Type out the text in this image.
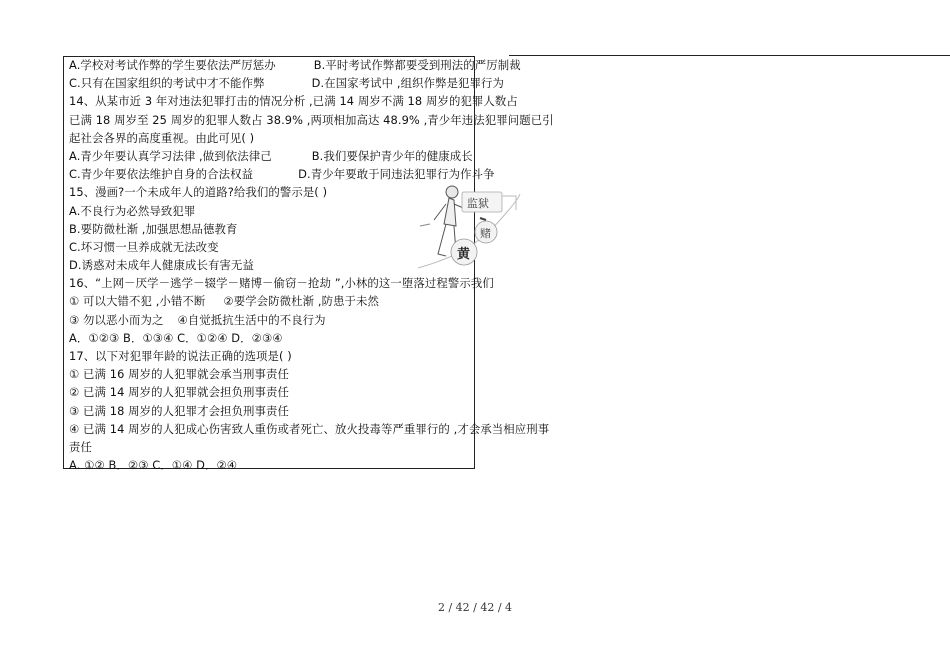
A.学校对考试作弊的学生要依法严厉惩办	B.平时考试作弊都要受到刑法的严厉制裁
C.只有在国家组织的考试中才不能作弊	D.在国家考试中 ,组织作弊是犯罪行为
14、从某市近 3 年对违法犯罪打击的情况分析 ,已满 14 周岁不满 18 周岁的犯罪人数占
已满 18 周岁至 25 周岁的犯罪人数占 38.9% ,两项相加高达 48.9% ,青少年违法犯罪问题已引
起社会各界的高度重视。由此可见( )
A.青少年要认真学习法律 ,做到依法律己	B.我们要保护青少年的健康成长
C.青少年要依法维护自身的合法权益	D.青少年要敢于同违法犯罪行为作斗争
15、漫画?一个未成年人的道路?给我们的警示是( )
A.不良行为必然导致犯罪
B.要防微杜渐 ,加强思想品德教育
C.坏习惯一旦养成就无法改变
D.诱惑对未成年人健康成长有害无益
16、“上网－厌学－逃学－辍学－赌博－偷窃－抢劫 ”,小林的这一堕落过程警示我们
① 可以大错不犯 ,小错不断 ②要学会防微杜渐 ,防患于未然
③ 勿以恶小而为之 ④自觉抵抗生活中的不良行为
A．①②③ B．①③④ C．①②④ D．②③④
17、以下对犯罪年龄的说法正确的选项是( )
① 已满 16 周岁的人犯罪就会承当刑事责任
② 已满 14 周岁的人犯罪就会担负刑事责任
③ 已满 18 周岁的人犯罪才会担负刑事责任
④ 已满 14 周岁的人犯成心伤害致人重伤或者死亡、放火投毒等严重罪行的 ,才会承当相应刑事
责任
A. ①② B．②③ C．①④ D．②④
监狱
赌
黄
2 / 42 / 42 / 4
